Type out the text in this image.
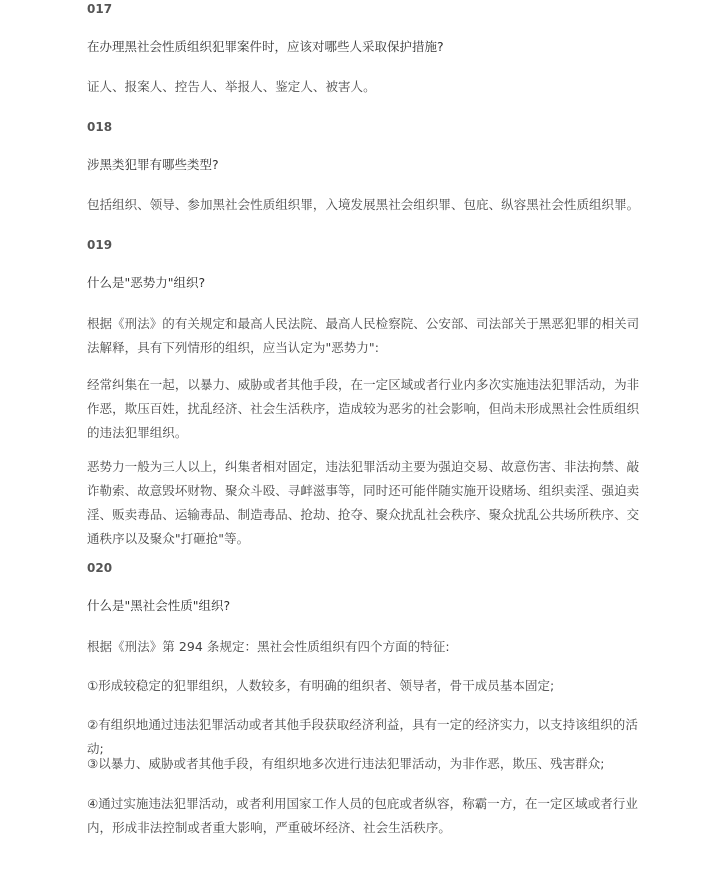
017
在办理黑社会性质组织犯罪案件时，应该对哪些人采取保护措施?
证人、报案人、控告人、举报人、鉴定人、被害人。
018
涉黑类犯罪有哪些类型?
包括组织、领导、参加黑社会性质组织罪，入境发展黑社会组织罪、包庇、纵容黑社会性质组织罪。
019
什么是"恶势力"组织?
根据《刑法》的有关规定和最高人民法院、最高人民检察院、公安部、司法部关于黑恶犯罪的相关司法解释，具有下列情形的组织，应当认定为"恶势力":
经常纠集在一起，以暴力、威胁或者其他手段，在一定区域或者行业内多次实施违法犯罪活动，为非作恶，欺压百姓，扰乱经济、社会生活秩序，造成较为恶劣的社会影响，但尚未形成黑社会性质组织的违法犯罪组织。
恶势力一般为三人以上，纠集者相对固定，违法犯罪活动主要为强迫交易、故意伤害、非法拘禁、敲诈勒索、故意毁坏财物、聚众斗殴、寻衅滋事等，同时还可能伴随实施开设赌场、组织卖淫、强迫卖淫、贩卖毒品、运输毒品、制造毒品、抢劫、抢夺、聚众扰乱社会秩序、聚众扰乱公共场所秩序、交通秩序以及聚众"打砸抢"等。
020
什么是"黑社会性质"组织?
根据《刑法》第 294 条规定：黑社会性质组织有四个方面的特征:
①形成较稳定的犯罪组织，人数较多，有明确的组织者、领导者，骨干成员基本固定;
②有组织地通过违法犯罪活动或者其他手段获取经济利益，具有一定的经济实力，以支持该组织的活动;
③以暴力、威胁或者其他手段，有组织地多次进行违法犯罪活动，为非作恶，欺压、残害群众;
④通过实施违法犯罪活动，或者利用国家工作人员的包庇或者纵容，称霸一方，在一定区域或者行业内，形成非法控制或者重大影响，严重破坏经济、社会生活秩序。
